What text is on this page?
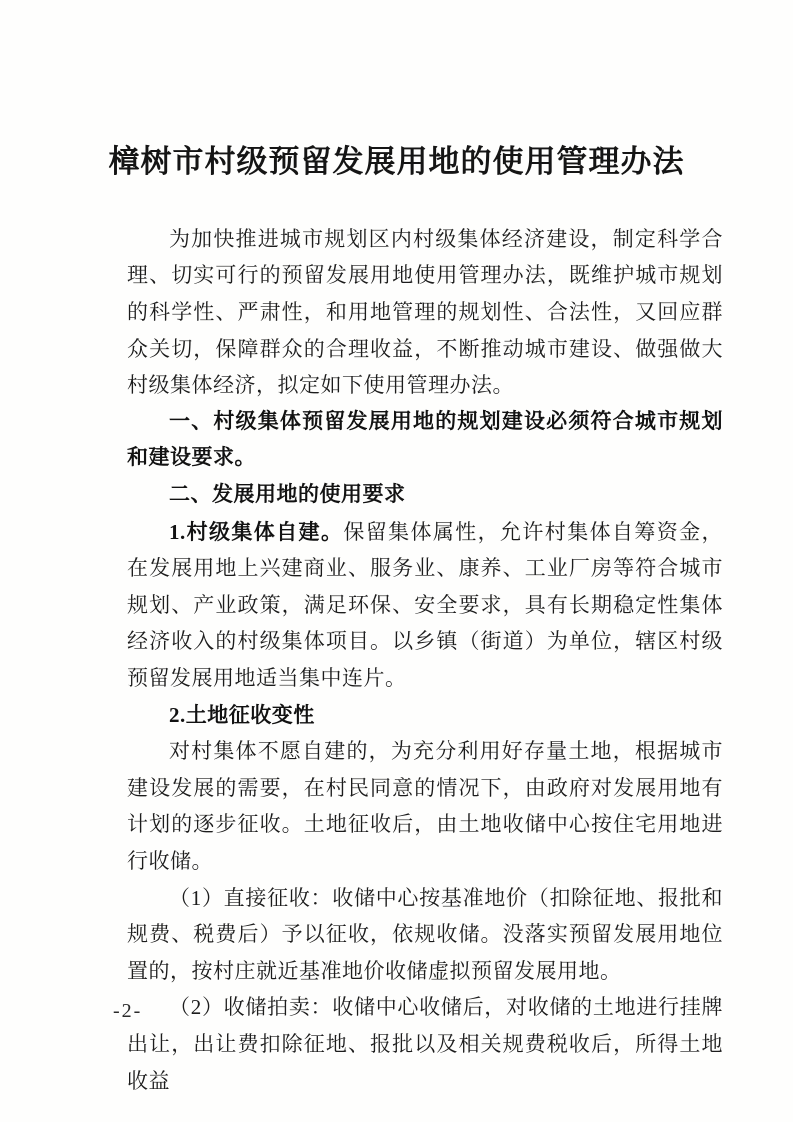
樟树市村级预留发展用地的使用管理办法

为加快推进城市规划区内村级集体经济建设，制定科学合理、切实可行的预留发展用地使用管理办法，既维护城市规划的科学性、严肃性，和用地管理的规划性、合法性，又回应群众关切，保障群众的合理收益，不断推动城市建设、做强做大村级集体经济，拟定如下使用管理办法。

一、村级集体预留发展用地的规划建设必须符合城市规划和建设要求。

二、发展用地的使用要求

1.村级集体自建。保留集体属性，允许村集体自筹资金，在发展用地上兴建商业、服务业、康养、工业厂房等符合城市规划、产业政策，满足环保、安全要求，具有长期稳定性集体经济收入的村级集体项目。以乡镇（街道）为单位，辖区村级预留发展用地适当集中连片。

2.土地征收变性

对村集体不愿自建的，为充分利用好存量土地，根据城市建设发展的需要，在村民同意的情况下，由政府对发展用地有计划的逐步征收。土地征收后，由土地收储中心按住宅用地进行收储。

（1）直接征收：收储中心按基准地价（扣除征地、报批和规费、税费后）予以征收，依规收储。没落实预留发展用地位置的，按村庄就近基准地价收储虚拟预留发展用地。

（2）收储拍卖：收储中心收储后，对收储的土地进行挂牌出让，出让费扣除征地、报批以及相关规费税收后，所得土地收益

-2-
